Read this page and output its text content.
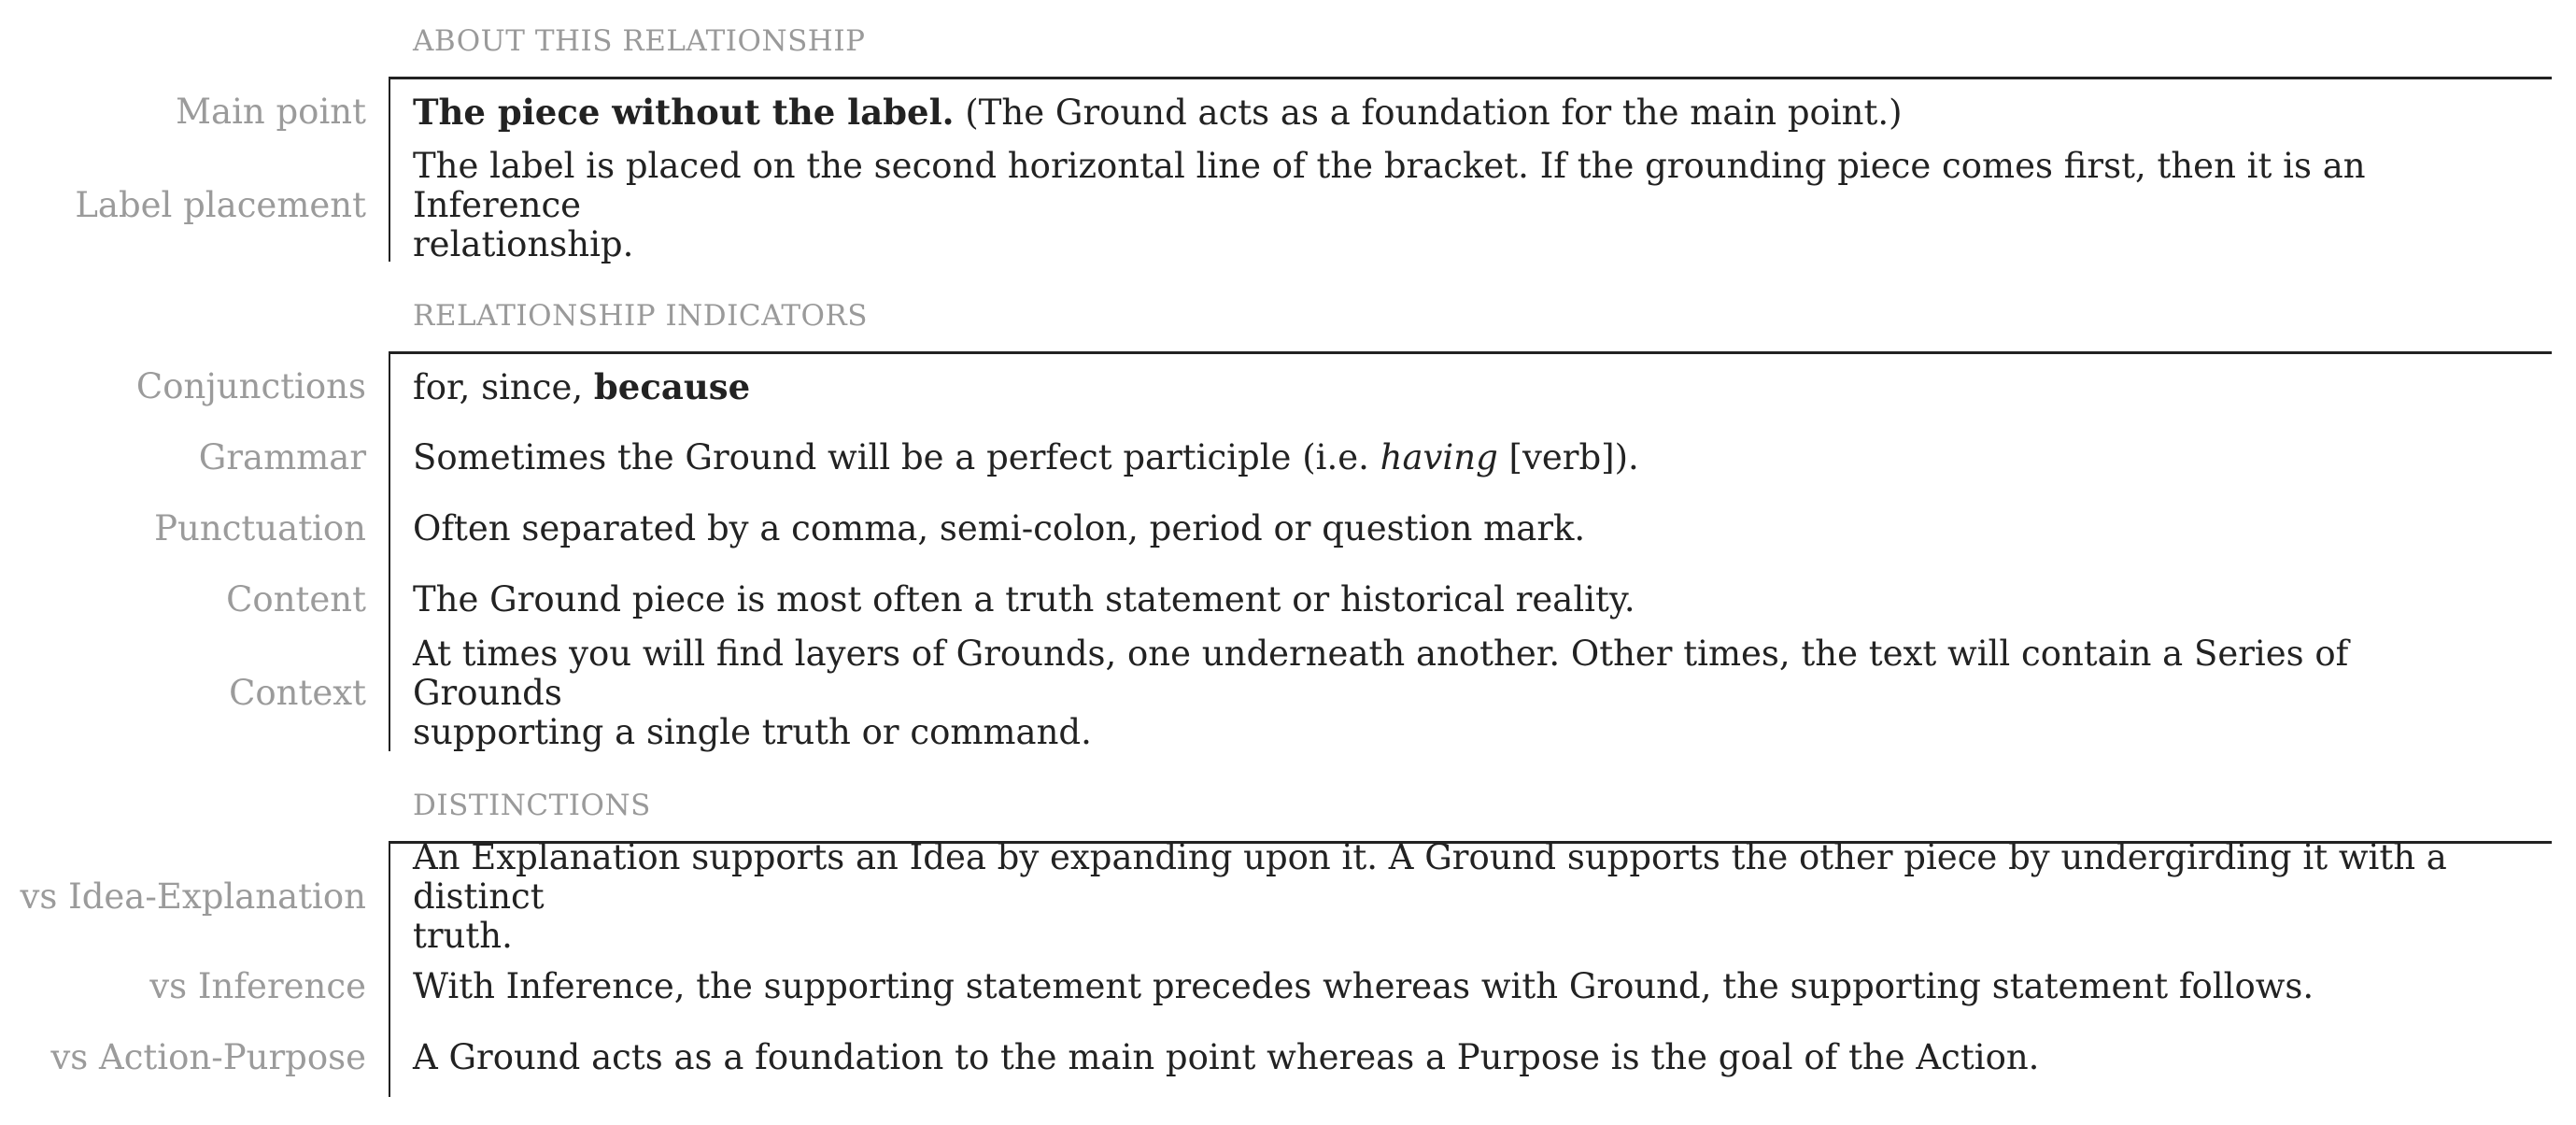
ABOUT THIS RELATIONSHIP
Main point The piece without the label. (The Ground acts as a foundation for the main point.)
Label placement
The label is placed on the second horizontal line of the bracket. If the grounding piece comes first, then it is an Inference
relationship.
RELATIONSHIP INDICATORS
Conjunctions for, since, because
Grammar Sometimes the Ground will be a perfect participle (i.e. having [verb]).
Punctuation Often separated by a comma, semi-colon, period or question mark.
Content The Ground piece is most often a truth statement or historical reality.
Context
At times you will find layers of Grounds, one underneath another. Other times, the text will contain a Series of Grounds
supporting a single truth or command.
DISTINCTIONS
vs Idea-Explanation
An Explanation supports an Idea by expanding upon it. A Ground supports the other piece by undergirding it with a distinct
truth.
vs Inference With Inference, the supporting statement precedes whereas with Ground, the supporting statement follows.
vs Action-Purpose A Ground acts as a foundation to the main point whereas a Purpose is the goal of the Action.
